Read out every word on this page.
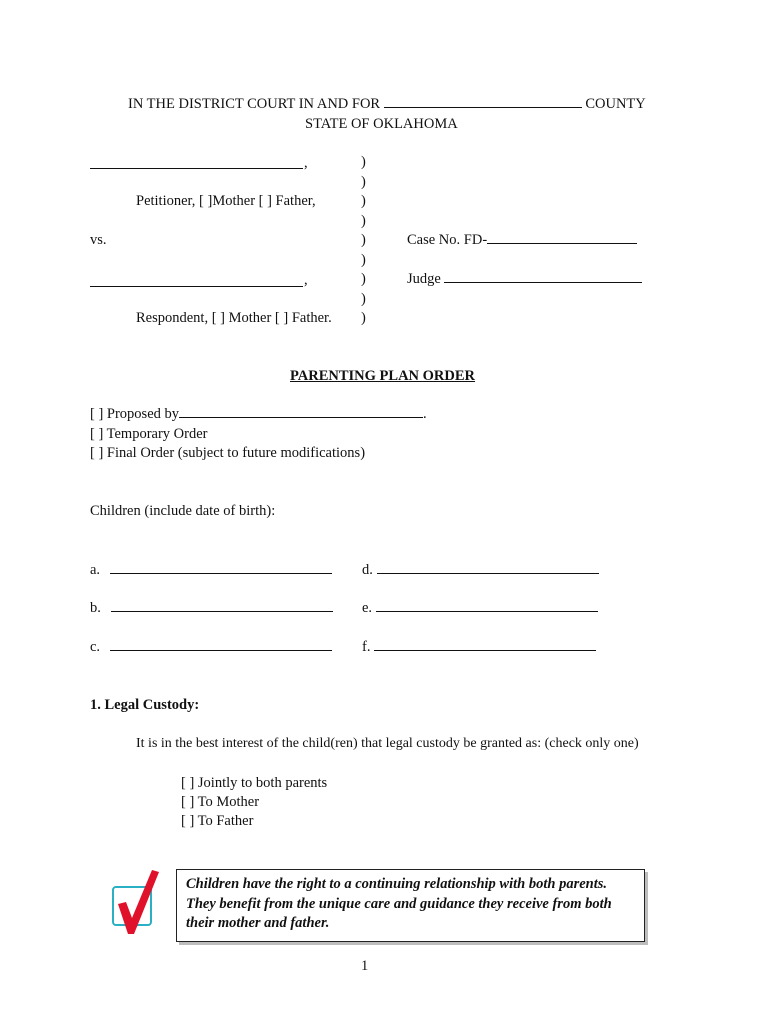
IN THE DISTRICT COURT IN AND FOR	COUNTY
STATE OF OKLAHOMA
,
Petitioner, [ ]Mother [ ] Father,
vs.
,
Respondent, [ ] Mother [ ] Father.
)
)
)
)
)
)
)
)
)
Case No. FD-
Judge
PARENTING PLAN ORDER
[ ] Proposed by	.
[ ] Temporary Order
[ ] Final Order (subject to future modifications)
Children (include date of birth):
a.
b.
c.
d.
e.
f.
1. Legal Custody:
It is in the best interest of the child(ren) that legal custody be granted as: (check only one)
[ ] Jointly to both parents
[ ] To Mother
[ ] To Father
Children have the right to a continuing relationship with both parents. They benefit from the unique care and guidance they receive from both their mother and father.
1
